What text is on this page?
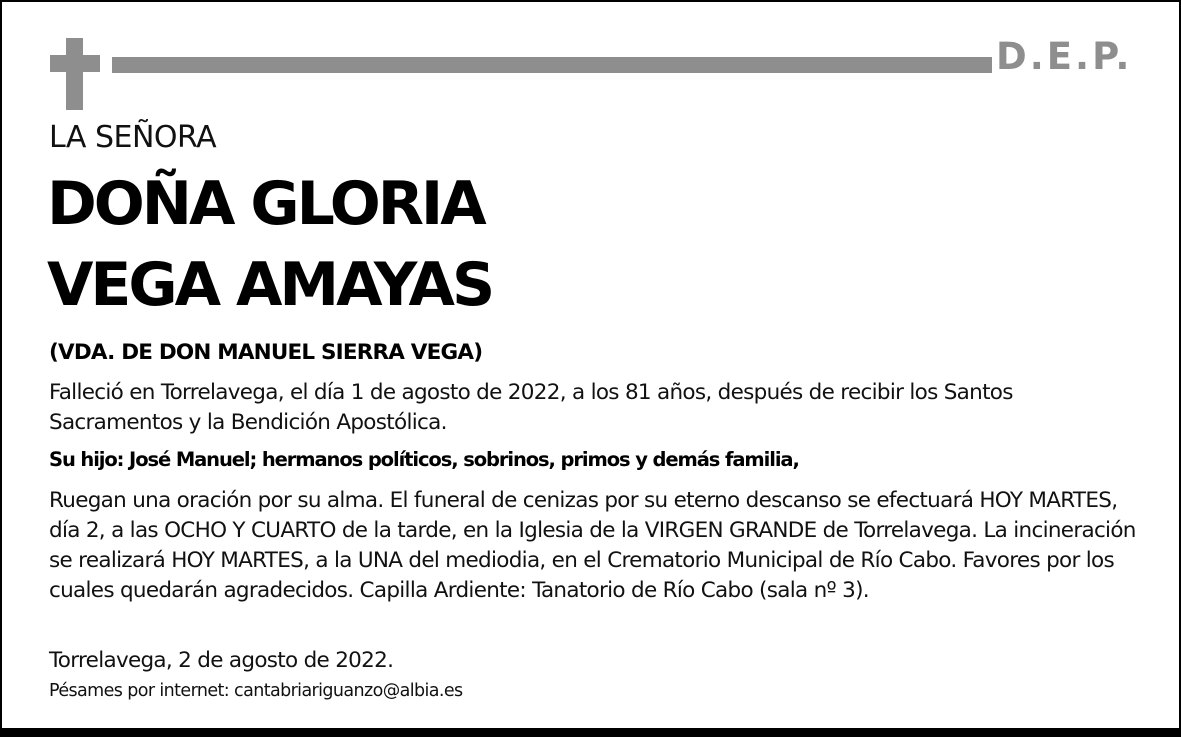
D.E.P.
LA SEÑORA
DOÑA GLORIA
VEGA AMAYAS
(VDA. DE DON MANUEL SIERRA VEGA)
Falleció en Torrelavega, el día 1 de agosto de 2022, a los 81 años, después de recibir los Santos Sacramentos y la Bendición Apostólica.
Su hijo: José Manuel; hermanos políticos, sobrinos, primos y demás familia,
Ruegan una oración por su alma. El funeral de cenizas por su eterno descanso se efectuará HOY MARTES, día 2, a las OCHO Y CUARTO de la tarde, en la Iglesia de la VIRGEN GRANDE de Torrelavega. La incineración se realizará HOY MARTES, a la UNA del mediodia, en el Crematorio Municipal de Río Cabo. Favores por los cuales quedarán agradecidos. Capilla Ardiente: Tanatorio de Río Cabo (sala nº 3).
Torrelavega, 2 de agosto de 2022.
Pésames por internet: cantabriariguanzo@albia.es
